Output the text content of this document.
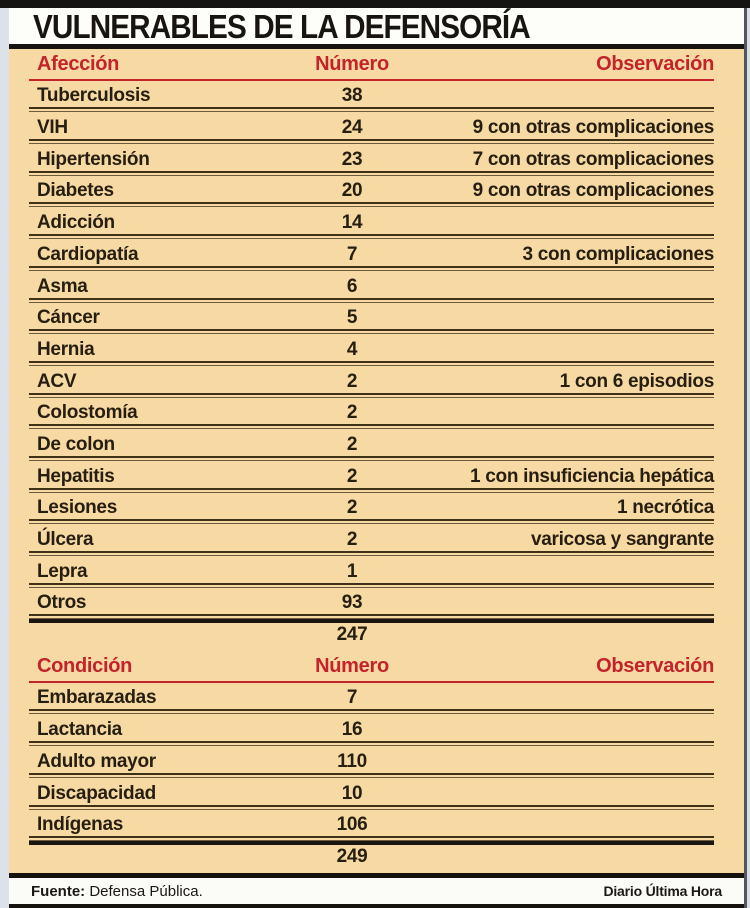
VULNERABLES DE LA DEFENSORÍA
Afección	Número	Observación
Tuberculosis	38
VIH	24	9 con otras complicaciones
Hipertensión	23	7 con otras complicaciones
Diabetes	20	9 con otras complicaciones
Adicción	14
Cardiopatía	7	3 con complicaciones
Asma	6
Cáncer	5
Hernia	4
ACV	2	1 con 6 episodios
Colostomía	2
De colon	2
Hepatitis	2	1 con insuficiencia hepática
Lesiones	2	1 necrótica
Úlcera	2	varicosa y sangrante
Lepra	1
Otros	93
247
Condición	Número	Observación
Embarazadas	7
Lactancia	16
Adulto mayor	110
Discapacidad	10
Indígenas	106
249
Fuente: Defensa Pública.	Diario Última Hora
